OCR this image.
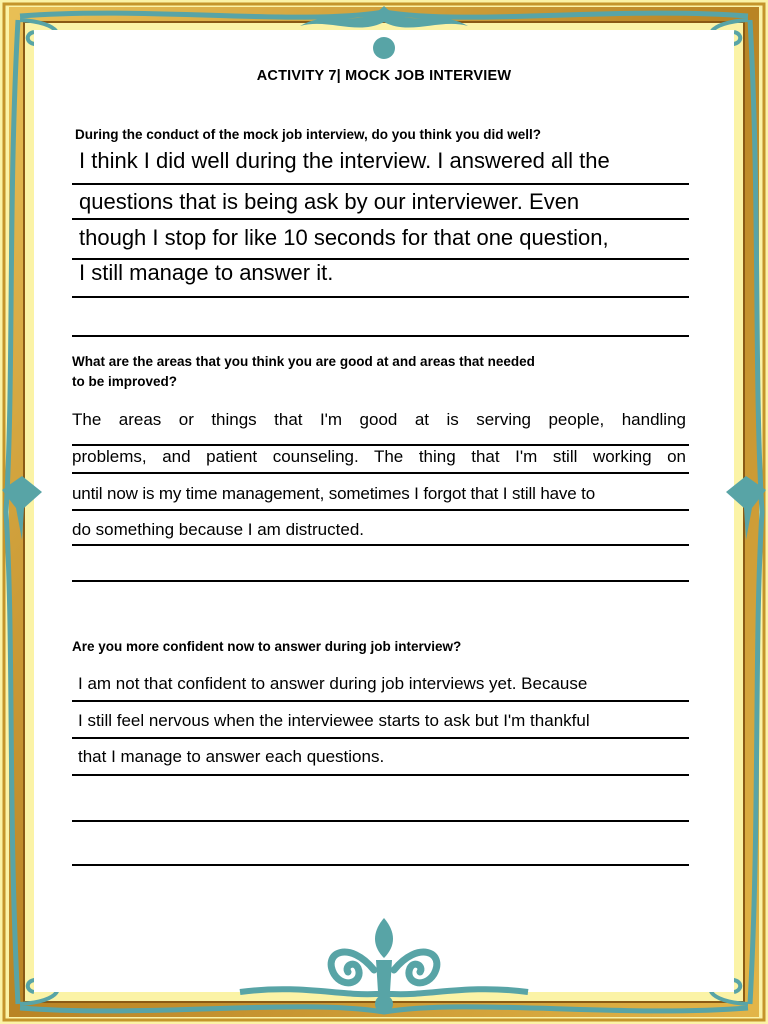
ACTIVITY 7| MOCK JOB INTERVIEW
During the conduct of the mock job interview, do you think you did well?
I think I did well during the interview. I answered all the
questions that is being ask by our interviewer. Even
though I stop for like 10 seconds for that one question,
I still manage to answer it.
What are the areas that you think you are good at and areas that needed
to be improved?
The areas or things that I'm good at is serving people, handling
problems, and patient counseling. The thing that I'm still working on
until now is my time management, sometimes I forgot that I still have to
do something because I am distructed.
Are you more confident now to answer during job interview?
I am not that confident to answer during job interviews yet. Because
I still feel nervous when the interviewee starts to ask but I'm thankful
that I manage to answer each questions.
